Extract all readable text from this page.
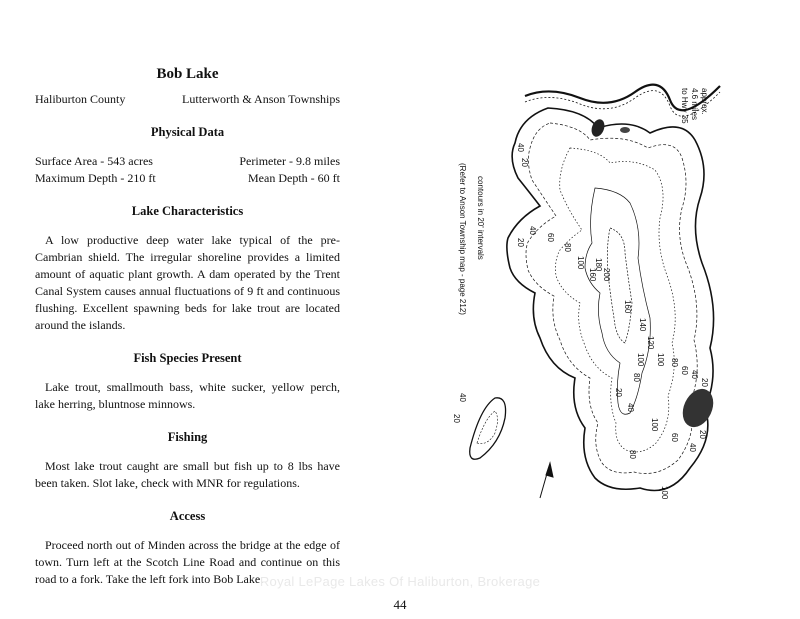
Bob Lake
Haliburton County	Lutterworth & Anson Townships
Physical Data
Surface Area - 543 acres	Perimeter - 9.8 miles
Maximum Depth - 210 ft	Mean Depth - 60 ft
Lake Characteristics

A low productive deep water lake typical of the pre-Cambrian shield. The irregular shoreline provides a limited amount of aquatic plant growth. A dam operated by the Trent Canal System causes annual fluctuations of 9 ft and continuous flushing. Excellent spawning beds for lake trout are located around the islands.

Fish Species Present

Lake trout, smallmouth bass, white sucker, yellow perch, lake herring, bluntnose minnows.

Fishing

Most lake trout caught are small but fish up to 8 lbs have been taken. Slot lake, check with MNR for regulations.

Access

Proceed north out of Minden across the bridge at the edge of town. Turn left at the Scotch Line Road and continue on this road to a fork. Take the left fork into Bob Lake.

40
20
20
40
60
80
100
160 200
180
160
140
120
100 80
60 40
20
40
20
100
80
100
20
40
60
80
100
20
40
contours in 20' intervals
(Refer to Anson Township map - page 212)
approx.
4.6 miles
to Hwy 35
Royal LePage Lakes Of Haliburton, Brokerage
44
